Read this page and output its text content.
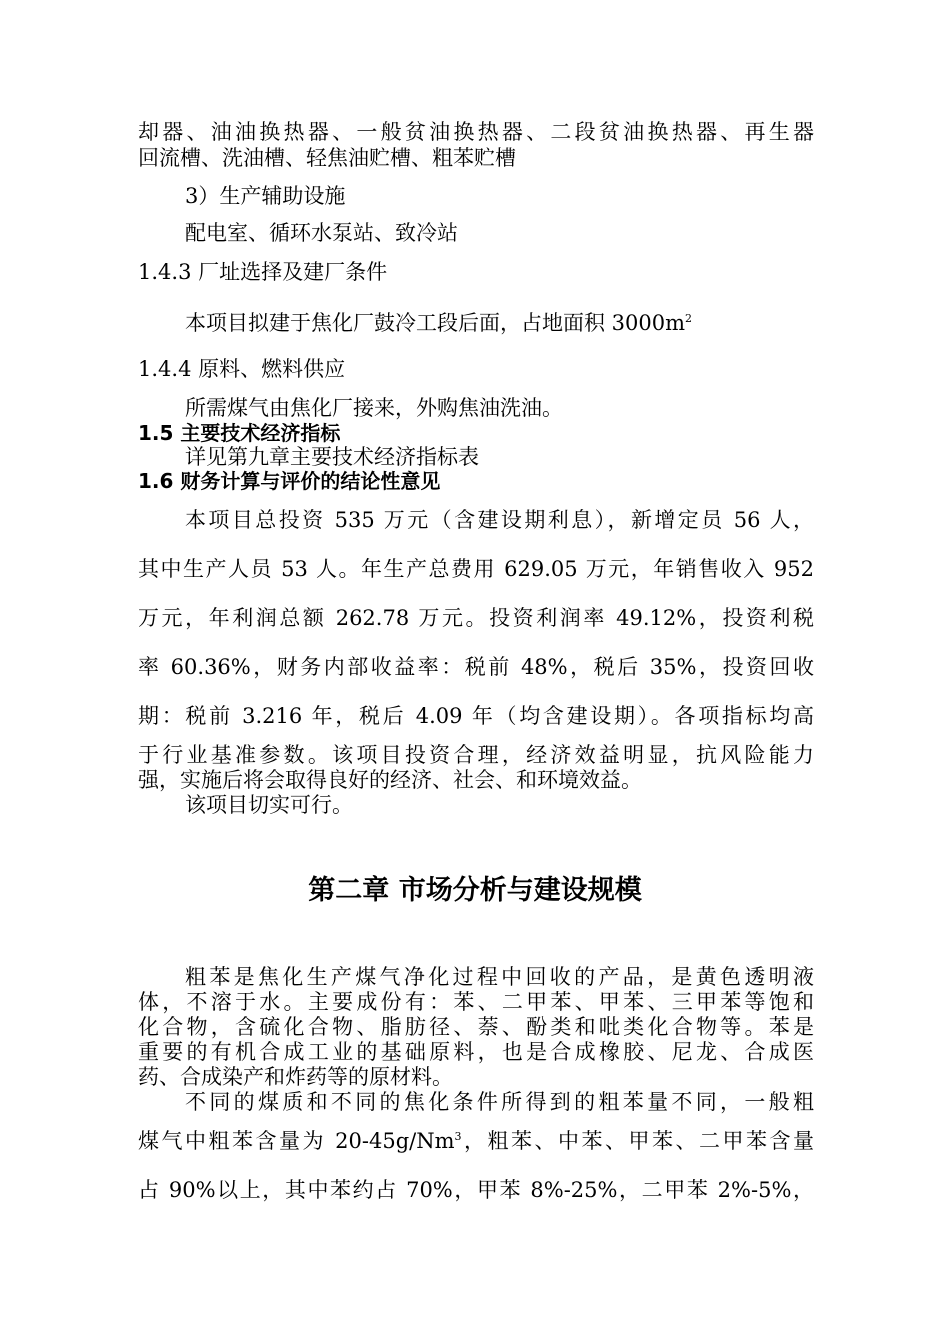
却器、油油换热器、一般贫油换热器、二段贫油换热器、再生器
回流槽、洗油槽、轻焦油贮槽、粗苯贮槽
3）生产辅助设施
配电室、循环水泵站、致冷站
1.4.3 厂址选择及建厂条件
本项目拟建于焦化厂鼓冷工段后面，占地面积 $3000m^2$
1.4.4 原料、燃料供应
所需煤气由焦化厂接来，外购焦油洗油。
1.5 主要技术经济指标
详见第九章主要技术经济指标表
1.6 财务计算与评价的结论性意见
本项目总投资 535 万元（含建设期利息），新增定员 56 人，
其中生产人员 53 人。年生产总费用 629.05 万元，年销售收入 952
万元，年利润总额 262.78 万元。投资利润率 49.12%，投资利税
率 60.36%，财务内部收益率：税前 48%，税后 35%，投资回收
期：税前 3.216 年，税后 4.09 年（均含建设期）。各项指标均高
于行业基准参数。该项目投资合理，经济效益明显，抗风险能力
强，实施后将会取得良好的经济、社会、和环境效益。
该项目切实可行。
第二章 市场分析与建设规模
粗苯是焦化生产煤气净化过程中回收的产品，是黄色透明液
体，不溶于水。主要成份有：苯、二甲苯、甲苯、三甲苯等饱和
化合物，含硫化合物、脂肪径、萘、酚类和吡类化合物等。苯是
重要的有机合成工业的基础原料，也是合成橡胶、尼龙、合成医
药、合成染产和炸药等的原材料。
不同的煤质和不同的焦化条件所得到的粗苯量不同，一般粗
煤气中粗苯含量为 20-45g/Nm$^3$，粗苯、中苯、甲苯、二甲苯含量
占 90%以上，其中苯约占 70%，甲苯 8%-25%，二甲苯 2%-5%，
